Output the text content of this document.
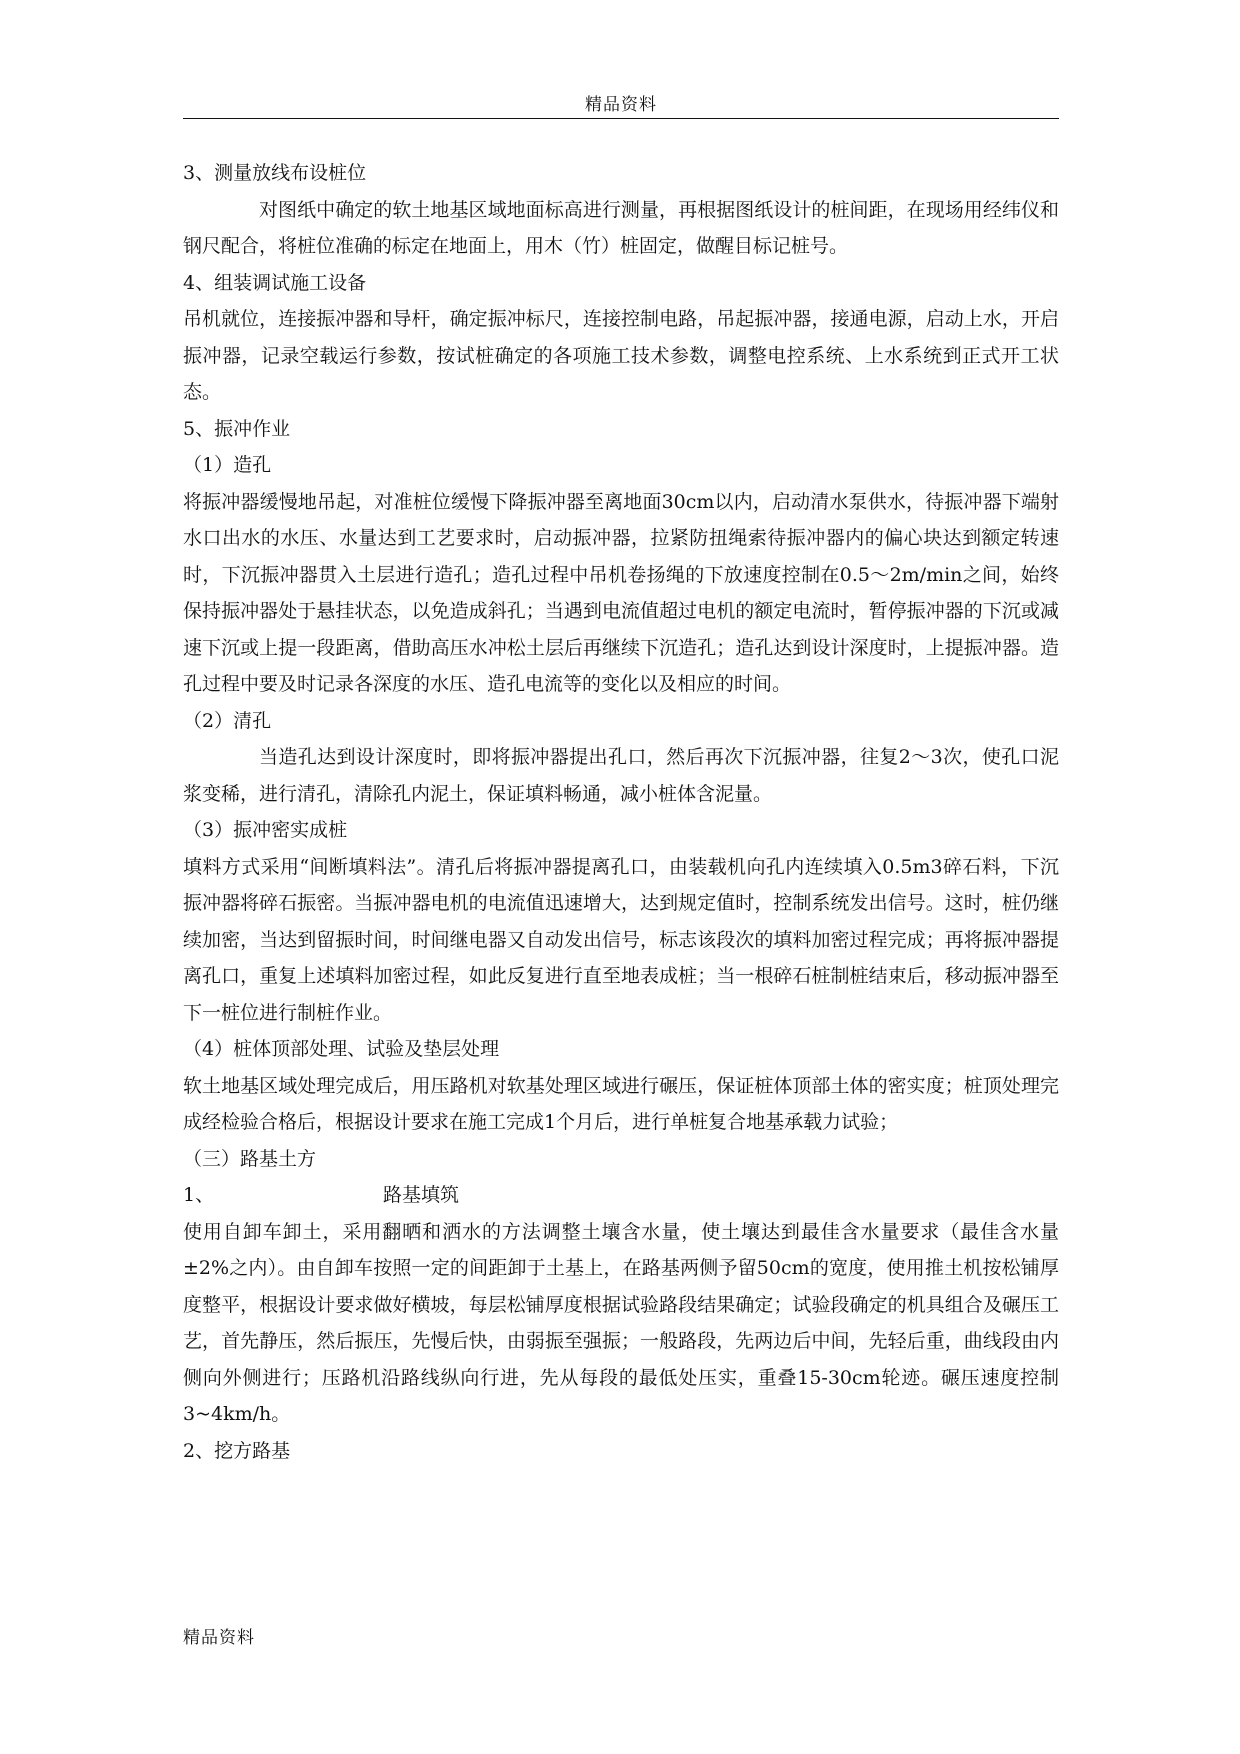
精品资料

3、测量放线布设桩位

对图纸中确定的软土地基区域地面标高进行测量，再根据图纸设计的桩间距，在现场用经纬仪和钢尺配合，将桩位准确的标定在地面上，用木（竹）桩固定，做醒目标记桩号。

4、组装调试施工设备

吊机就位，连接振冲器和导杆，确定振冲标尺，连接控制电路，吊起振冲器，接通电源，启动上水，开启振冲器，记录空载运行参数，按试桩确定的各项施工技术参数，调整电控系统、上水系统到正式开工状态。

5、振冲作业

（1）造孔

将振冲器缓慢地吊起，对准桩位缓慢下降振冲器至离地面30cm以内，启动清水泵供水，待振冲器下端射水口出水的水压、水量达到工艺要求时，启动振冲器，拉紧防扭绳索待振冲器内的偏心块达到额定转速时，下沉振冲器贯入土层进行造孔；造孔过程中吊机卷扬绳的下放速度控制在0.5～2m/min之间，始终保持振冲器处于悬挂状态，以免造成斜孔；当遇到电流值超过电机的额定电流时，暂停振冲器的下沉或减速下沉或上提一段距离，借助高压水冲松土层后再继续下沉造孔；造孔达到设计深度时，上提振冲器。造孔过程中要及时记录各深度的水压、造孔电流等的变化以及相应的时间。

（2）清孔

当造孔达到设计深度时，即将振冲器提出孔口，然后再次下沉振冲器，往复2～3次，使孔口泥浆变稀，进行清孔，清除孔内泥土，保证填料畅通，减小桩体含泥量。

（3）振冲密实成桩

填料方式采用“间断填料法”。清孔后将振冲器提离孔口，由装载机向孔内连续填入0.5m3碎石料，下沉振冲器将碎石振密。当振冲器电机的电流值迅速增大，达到规定值时，控制系统发出信号。这时，桩仍继续加密，当达到留振时间，时间继电器又自动发出信号，标志该段次的填料加密过程完成；再将振冲器提离孔口，重复上述填料加密过程，如此反复进行直至地表成桩；当一根碎石桩制桩结束后，移动振冲器至下一桩位进行制桩作业。

（4）桩体顶部处理、试验及垫层处理

软土地基区域处理完成后，用压路机对软基处理区域进行碾压，保证桩体顶部土体的密实度；桩顶处理完成经检验合格后，根据设计要求在施工完成1个月后，进行单桩复合地基承载力试验；

（三）路基土方

1、	路基填筑

使用自卸车卸土，采用翻晒和洒水的方法调整土壤含水量，使土壤达到最佳含水量要求（最佳含水量±2%之内）。由自卸车按照一定的间距卸于土基上，在路基两侧予留50cm的宽度，使用推土机按松铺厚度整平，根据设计要求做好横坡，每层松铺厚度根据试验路段结果确定；试验段确定的机具组合及碾压工艺，首先静压，然后振压，先慢后快，由弱振至强振；一般路段，先两边后中间，先轻后重，曲线段由内侧向外侧进行；压路机沿路线纵向行进，先从每段的最低处压实，重叠15-30cm轮迹。碾压速度控制3~4km/h。

2、挖方路基

精品资料
